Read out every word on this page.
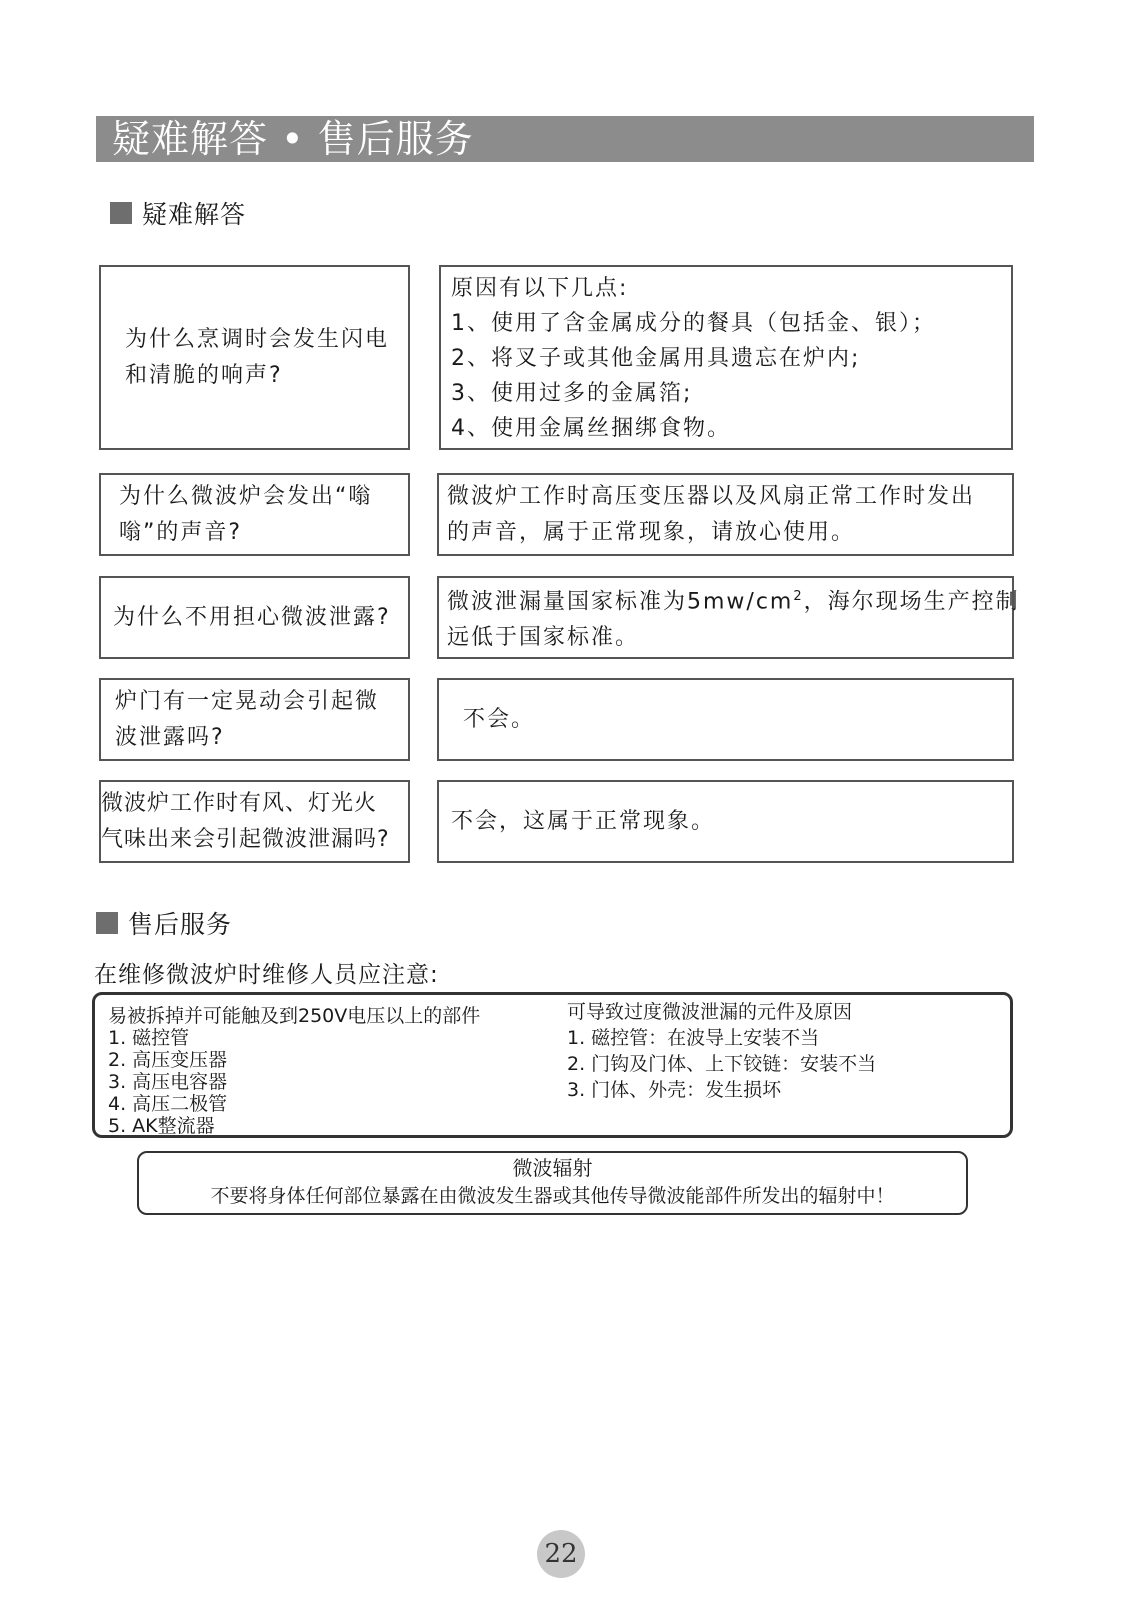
疑难解答 • 售后服务
疑难解答
为什么烹调时会发生闪电
和清脆的响声?
原因有以下几点:
1、使用了含金属成分的餐具（包括金、银）；
2、将叉子或其他金属用具遗忘在炉内;
3、使用过多的金属箔;
4、使用金属丝捆绑食物。
为什么微波炉会发出“嗡
嗡”的声音?
微波炉工作时高压变压器以及风扇正常工作时发出
的声音，属于正常现象，请放心使用。
为什么不用担心微波泄露?
微波泄漏量国家标准为$5mw/cm^2$，海尔现场生产控制
远低于国家标准。
炉门有一定晃动会引起微
波泄露吗?
不会。
微波炉工作时有风、灯光火
气味出来会引起微波泄漏吗?
不会，这属于正常现象。
售后服务
在维修微波炉时维修人员应注意:
易被拆掉并可能触及到250V电压以上的部件
1. 磁控管
2. 高压变压器
3. 高压电容器
4. 高压二极管
5. AK整流器
可导致过度微波泄漏的元件及原因
1. 磁控管：在波导上安装不当
2. 门钩及门体、上下铰链：安装不当
3. 门体、外壳：发生损坏
微波辐射
不要将身体任何部位暴露在由微波发生器或其他传导微波能部件所发出的辐射中！
22
